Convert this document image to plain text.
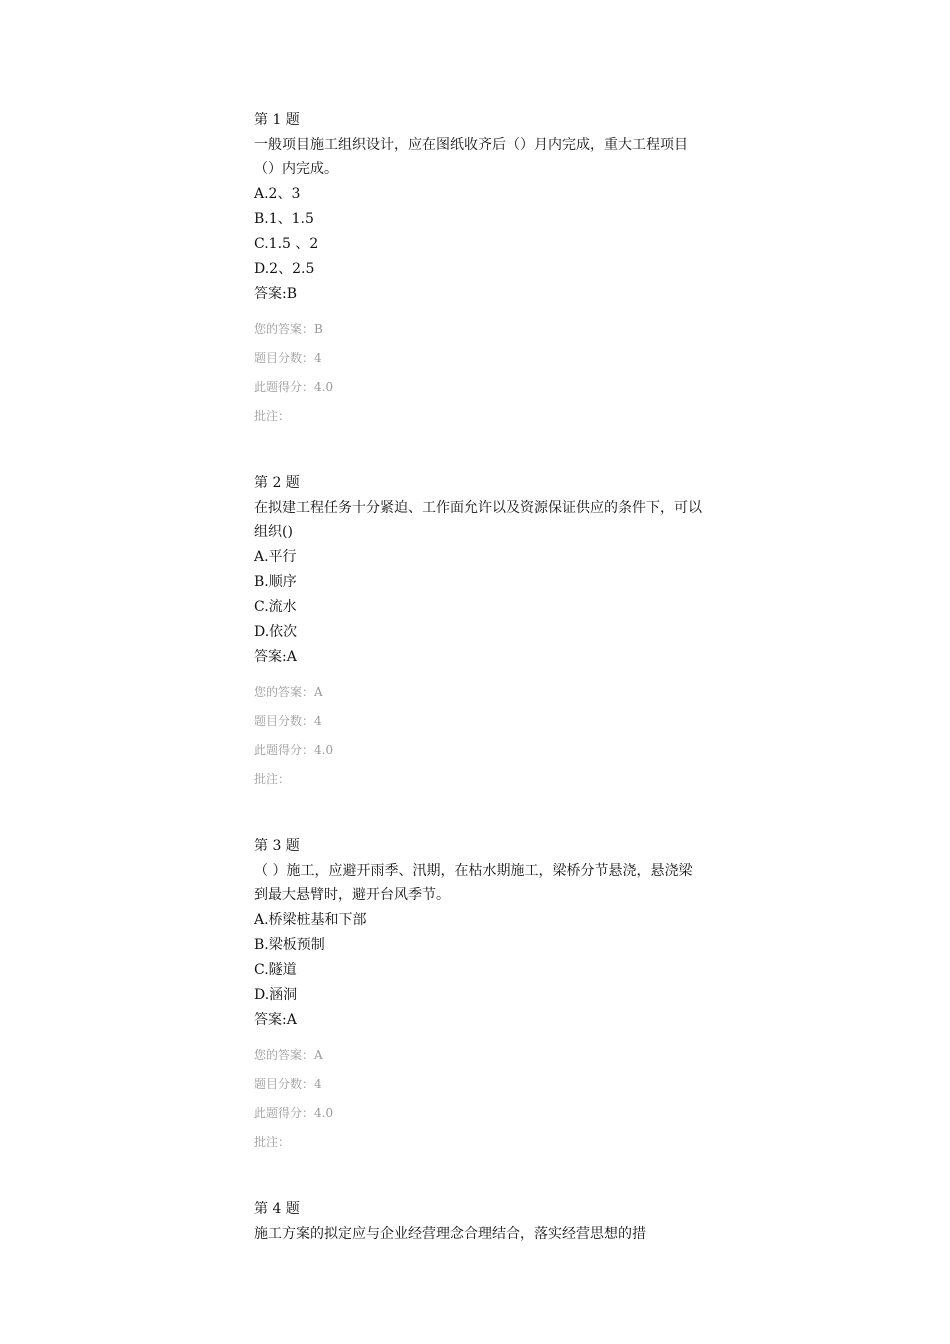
第 1 题

一般项目施工组织设计，应在图纸收齐后（）月内完成，重大工程项目（）内完成。

A.2、3

B.1、1.5

C.1.5 、2

D.2、2.5

答案:B

您的答案：B

题目分数：4

此题得分：4.0

批注：

第 2 题

在拟建工程任务十分紧迫、工作面允许以及资源保证供应的条件下，可以组织()

A.平行

B.顺序

C.流水

D.依次

答案:A

您的答案：A

题目分数：4

此题得分：4.0

批注：

第 3 题

（ ）施工，应避开雨季、汛期，在枯水期施工，梁桥分节悬浇，悬浇梁到最大悬臂时，避开台风季节。

A.桥梁桩基和下部

B.梁板预制

C.隧道

D.涵洞

答案:A

您的答案：A

题目分数：4

此题得分：4.0

批注：

第 4 题

施工方案的拟定应与企业经营理念合理结合，落实经营思想的措
